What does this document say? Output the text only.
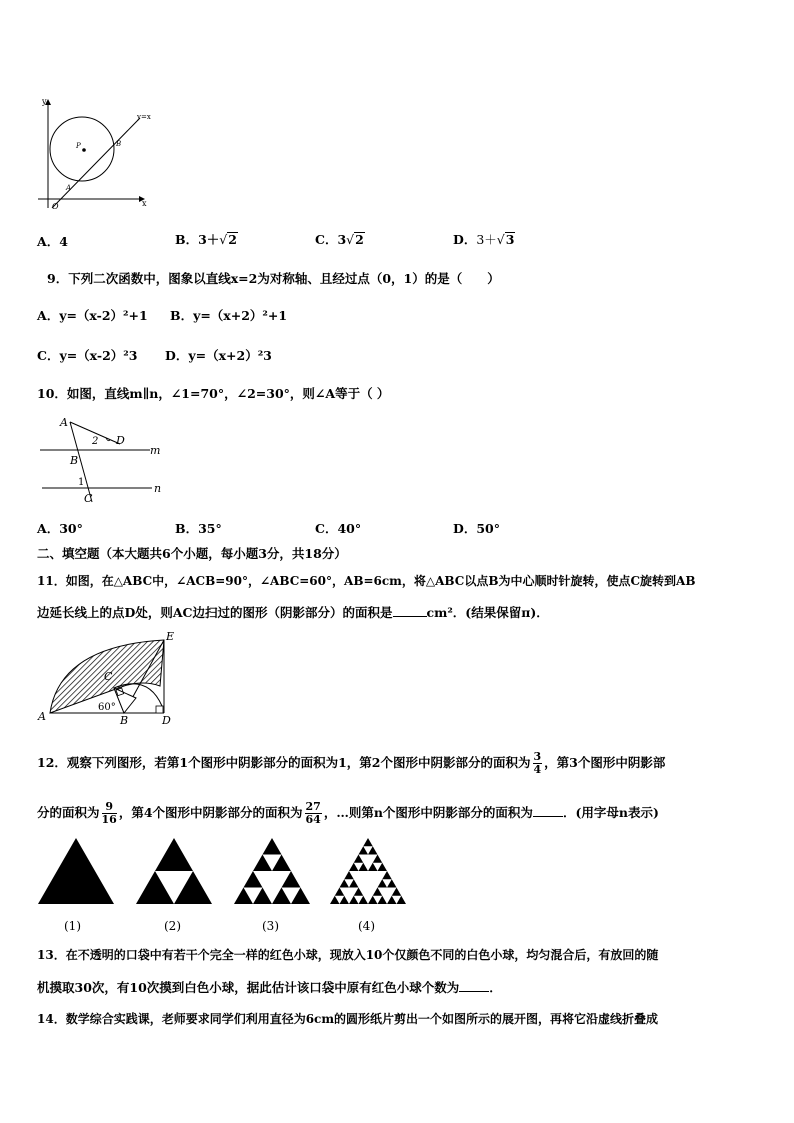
y
x
O
y=x
P
A
B
A．4	B．3＋√2	C．3√2	D．3＋√3
9．下列二次函数中，图象以直线x=2为对称轴、且经过点（0，1）的是（　　）
A．y=（x-2）²+1 B．y=（x+2）²+1
C．y=（x-2）²3 D．y=（x+2）²3
10．如图，直线m∥n，∠1=70°，∠2=30°，则∠A等于（ ）
A
B
C
D
m
n
1
2
A．30°	B．35°	C．40°	D．50°
二、填空题（本大题共6个小题，每小题3分，共18分）
11．如图，在△ABC中，∠ACB=90°，∠ABC=60°，AB=6cm，将△ABC以点B为中心顺时针旋转，使点C旋转到AB
边延长线上的点D处，则AC边扫过的图形（阴影部分）的面积是	cm²．(结果保留π)．
A	B
C
D
E
60°
12．观察下列图形，若第1个图形中阴影部分的面积为1，第2个图形中阴影部分的面积为 $\frac{3}{4}$ ，第3个图形中阴影部
分的面积为 $\frac{9}{16}$ ，第4个图形中阴影部分的面积为 $\frac{27}{64}$ ，…则第n个图形中阴影部分的面积为 ．(用字母n表示)
(1)	(2)	(3)	(4)
13．在不透明的口袋中有若干个完全一样的红色小球，现放入10个仅颜色不同的白色小球，均匀混合后，有放回的随
机摸取30次，有10次摸到白色小球，据此估计该口袋中原有红色小球个数为 ．
14．数学综合实践课，老师要求同学们利用直径为6cm的圆形纸片剪出一个如图所示的展开图，再将它沿虚线折叠成
